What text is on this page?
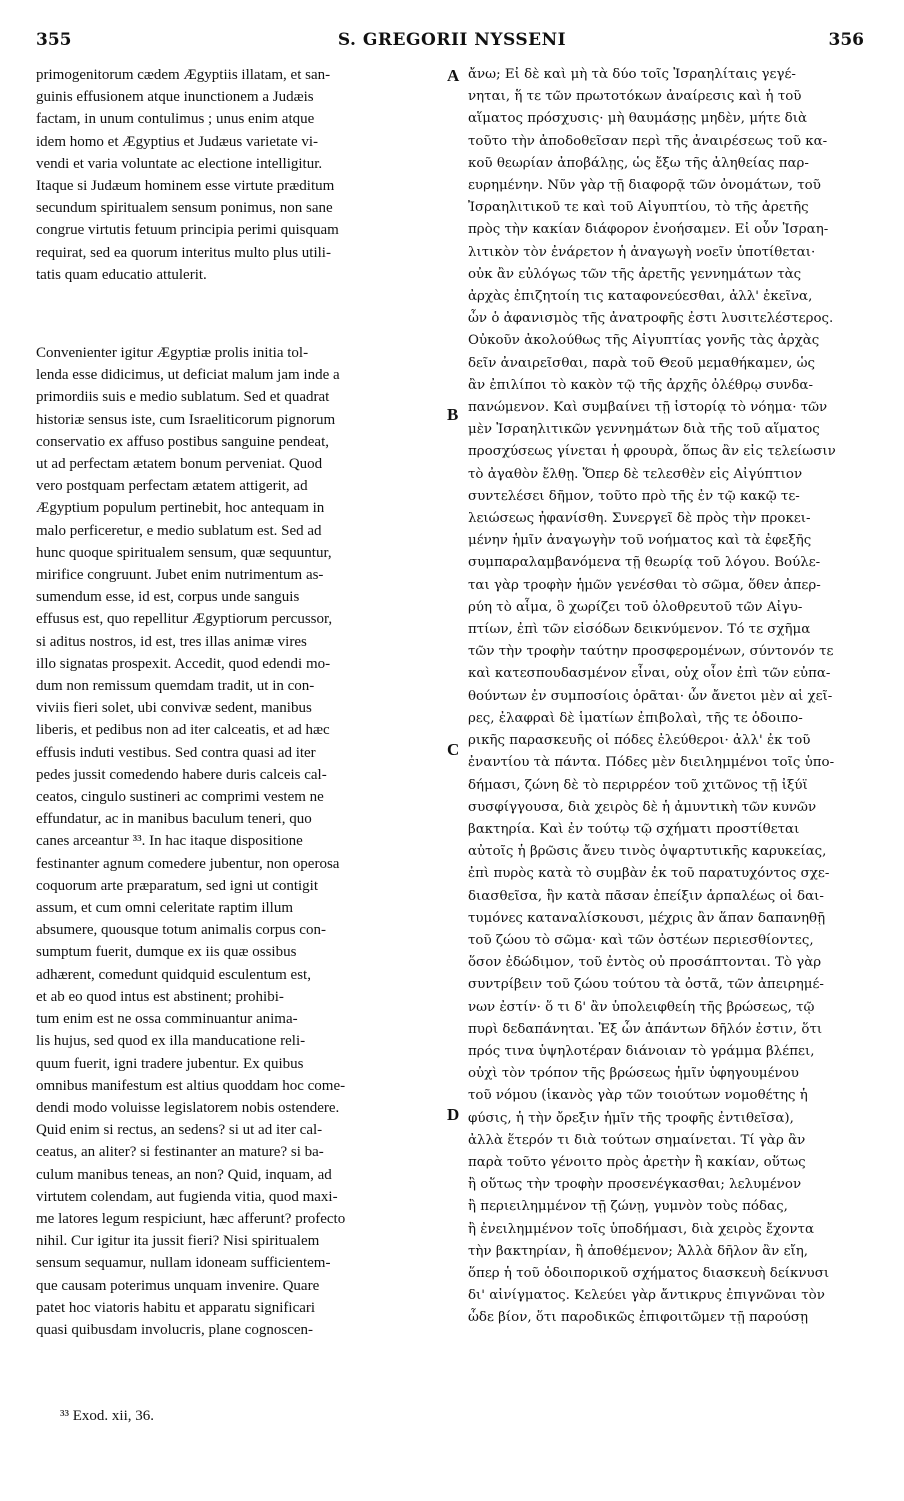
355	S. GREGORII NYSSENI	356
primogenitorum cædem Ægyptiis illatam, et san-
guinis effusionem atque inunctionem a Judæis
factam, in unum contulimus ; unus enim atque
idem homo et Ægyptius et Judæus varietate vi-
vendi et varia voluntate ac electione intelligitur.
Itaque si Judæum hominem esse virtute præditum
secundum spiritualem sensum ponimus, non sane
congrue virtutis fetuum principia perimi quisquam
requirat, sed ea quorum interitus multo plus utili-
tatis quam educatio attulerit.
Convenienter igitur Ægyptiæ prolis initia tol-
lenda esse didicimus, ut deficiat malum jam inde a
primordiis suis e medio sublatum. Sed et quadrat
historiæ sensus iste, cum Israeliticorum pignorum
conservatio ex affuso postibus sanguine pendeat,
ut ad perfectam ætatem bonum perveniat. Quod
vero postquam perfectam ætatem attigerit, ad
Ægyptium populum pertinebit, hoc antequam in
malo perficeretur, e medio sublatum est. Sed ad
hunc quoque spiritualem sensum, quæ sequuntur,
mirifice congruunt. Jubet enim nutrimentum as-
sumendum esse, id est, corpus unde sanguis
effusus est, quo repellitur Ægyptiorum percussor,
si aditus nostros, id est, tres illas animæ vires
illo signatas prospexit. Accedit, quod edendi mo-
dum non remissum quemdam tradit, ut in con-
viviis fieri solet, ubi convivæ sedent, manibus
liberis, et pedibus non ad iter calceatis, et ad hæc
effusis induti vestibus. Sed contra quasi ad iter
pedes jussit comedendo habere duris calceis cal-
ceatos, cingulo sustineri ac comprimi vestem ne
effundatur, ac in manibus baculum teneri, quo
canes arceantur ³³. In hac itaque dispositione
festinanter agnum comedere jubentur, non operosa
coquorum arte præparatum, sed igni ut contigit
assum, et cum omni celeritate raptim illum
absumere, quousque totum animalis corpus con-
sumptum fuerit, dumque ex iis quæ ossibus
adhærent, comedunt quidquid esculentum est,
et ab eo quod intus est abstinent; prohibi-
tum enim est ne ossa comminuantur anima-
lis hujus, sed quod ex illa manducatione reli-
quum fuerit, igni tradere jubentur. Ex quibus
omnibus manifestum est altius quoddam hoc come-
dendi modo voluisse legislatorem nobis ostendere.
Quid enim si rectus, an sedens? si ut ad iter cal-
ceatus, an aliter? si festinanter an mature? si ba-
culum manibus teneas, an non? Quid, inquam, ad
virtutem colendam, aut fugienda vitia, quod maxi-
me latores legum respiciunt, hæc afferunt? profecto
nihil. Cur igitur ita jussit fieri? Nisi spiritualem
sensum sequamur, nullam idoneam sufficientem-
que causam poterimus unquam invenire. Quare
patet hoc viatoris habitu et apparatu significari
quasi quibusdam involucris, plane cognoscen-
A
B
C
D
ἄνω; Εἰ δὲ καὶ μὴ τὰ δύο τοῖς Ἰσραηλίταις γεγέ-
νηται, ἥ τε τῶν πρωτοτόκων ἀναίρεσις καὶ ἡ τοῦ
αἵματος πρόσχυσις· μὴ θαυμάσῃς μηδὲν, μήτε διὰ
τοῦτο τὴν ἀποδοθεῖσαν περὶ τῆς ἀναιρέσεως τοῦ κα-
κοῦ θεωρίαν ἀποβάλῃς, ὡς ἔξω τῆς ἀληθείας παρ-
ευρημένην. Νῦν γὰρ τῇ διαφορᾷ τῶν ὀνομάτων, τοῦ
Ἰσραηλιτικοῦ τε καὶ τοῦ Αἰγυπτίου, τὸ τῆς ἀρετῆς
πρὸς τὴν κακίαν διάφορον ἐνοήσαμεν. Εἰ οὖν Ἰσραη-
λιτικὸν τὸν ἐνάρετον ἡ ἀναγωγὴ νοεῖν ὑποτίθεται·
οὐκ ἂν εὐλόγως τῶν τῆς ἀρετῆς γεννημάτων τὰς
ἀρχὰς ἐπιζητοίη τις καταφονεύεσθαι, ἀλλ' ἐκεῖνα,
ὧν ὁ ἀφανισμὸς τῆς ἀνατροφῆς ἐστι λυσιτελέστερος.
Οὐκοῦν ἀκολούθως τῆς Αἰγυπτίας γονῆς τὰς ἀρχὰς
δεῖν ἀναιρεῖσθαι, παρὰ τοῦ Θεοῦ μεμαθήκαμεν, ὡς
ἂν ἐπιλίποι τὸ κακὸν τῷ τῆς ἀρχῆς ὀλέθρῳ συνδα-
πανώμενον. Καὶ συμβαίνει τῇ ἱστορίᾳ τὸ νόημα· τῶν
μὲν Ἰσραηλιτικῶν γεννημάτων διὰ τῆς τοῦ αἵματος
προσχύσεως γίνεται ἡ φρουρὰ, ὅπως ἂν εἰς τελείωσιν
τὸ ἀγαθὸν ἔλθῃ. Ὅπερ δὲ τελεσθὲν εἰς Αἰγύπτιον
συντελέσει δῆμον, τοῦτο πρὸ τῆς ἐν τῷ κακῷ τε-
λειώσεως ἠφανίσθη. Συνεργεῖ δὲ πρὸς τὴν προκει-
μένην ἡμῖν ἀναγωγὴν τοῦ νοήματος καὶ τὰ ἐφεξῆς
συμπαραλαμβανόμενα τῇ θεωρίᾳ τοῦ λόγου. Βούλε-
ται γὰρ τροφὴν ἡμῶν γενέσθαι τὸ σῶμα, ὅθεν ἀπερ-
ρύη τὸ αἷμα, ὃ χωρίζει τοῦ ὀλοθρευτοῦ τῶν Αἰγυ-
πτίων, ἐπὶ τῶν εἰσόδων δεικνύμενον. Τό τε σχῆμα
τῶν τὴν τροφὴν ταύτην προσφερομένων, σύντονόν τε
καὶ κατεσπουδασμένον εἶναι, οὐχ οἷον ἐπὶ τῶν εὐπα-
θούντων ἐν συμποσίοις ὁρᾶται· ὧν ἄνετοι μὲν αἱ χεῖ-
ρες, ἐλαφραὶ δὲ ἱματίων ἐπιβολαὶ, τῆς τε ὁδοιπο-
ρικῆς παρασκευῆς οἱ πόδες ἐλεύθεροι· ἀλλ' ἐκ τοῦ
ἐναντίου τὰ πάντα. Πόδες μὲν διειλημμένοι τοῖς ὑπο-
δήμασι, ζώνη δὲ τὸ περιρρέον τοῦ χιτῶνος τῇ ἰξύϊ
συσφίγγουσα, διὰ χειρὸς δὲ ἡ ἀμυντικὴ τῶν κυνῶν
βακτηρία. Καὶ ἐν τούτῳ τῷ σχήματι προστίθεται
αὐτοῖς ἡ βρῶσις ἄνευ τινὸς ὀψαρτυτικῆς καρυκείας,
ἐπὶ πυρὸς κατὰ τὸ συμβὰν ἐκ τοῦ παρατυχόντος σχε-
διασθεῖσα, ἣν κατὰ πᾶσαν ἐπείξιν ἁρπαλέως οἱ δαι-
τυμόνες καταναλίσκουσι, μέχρις ἂν ἅπαν δαπανηθῇ
τοῦ ζώου τὸ σῶμα· καὶ τῶν ὀστέων περιεσθίοντες,
ὅσον ἐδώδιμον, τοῦ ἐντὸς οὐ προσάπτονται. Τὸ γὰρ
συντρίβειν τοῦ ζώου τούτου τὰ ὀστᾶ, τῶν ἀπειρημέ-
νων ἐστίν· ὅ τι δ' ἂν ὑπολειφθείη τῆς βρώσεως, τῷ
πυρὶ δεδαπάνηται. Ἐξ ὧν ἁπάντων δῆλόν ἐστιν, ὅτι
πρός τινα ὑψηλοτέραν διάνοιαν τὸ γράμμα βλέπει,
οὐχὶ τὸν τρόπον τῆς βρώσεως ἡμῖν ὑφηγουμένου
τοῦ νόμου (ἱκανὸς γὰρ τῶν τοιούτων νομοθέτης ἡ
φύσις, ἡ τὴν ὄρεξιν ἡμῖν τῆς τροφῆς ἐντιθεῖσα),
ἀλλὰ ἕτερόν τι διὰ τούτων σημαίνεται. Τί γὰρ ἂν
παρὰ τοῦτο γένοιτο πρὸς ἀρετὴν ἢ κακίαν, οὕτως
ἢ οὕτως τὴν τροφὴν προσενέγκασθαι; λελυμένον
ἢ περιειλημμένον τῇ ζώνῃ, γυμνὸν τοὺς πόδας,
ἢ ἐνειλημμένον τοῖς ὑποδήμασι, διὰ χειρὸς ἔχοντα
τὴν βακτηρίαν, ἢ ἀποθέμενον; Ἀλλὰ δῆλον ἂν εἴη,
ὅπερ ἡ τοῦ ὁδοιπορικοῦ σχήματος διασκευὴ δείκνυσι
δι' αἰνίγματος. Κελεύει γὰρ ἄντικρυς ἐπιγνῶναι τὸν
ὧδε βίον, ὅτι παροδικῶς ἐπιφοιτῶμεν τῇ παρούσῃ
³³ Exod. xii, 36.
